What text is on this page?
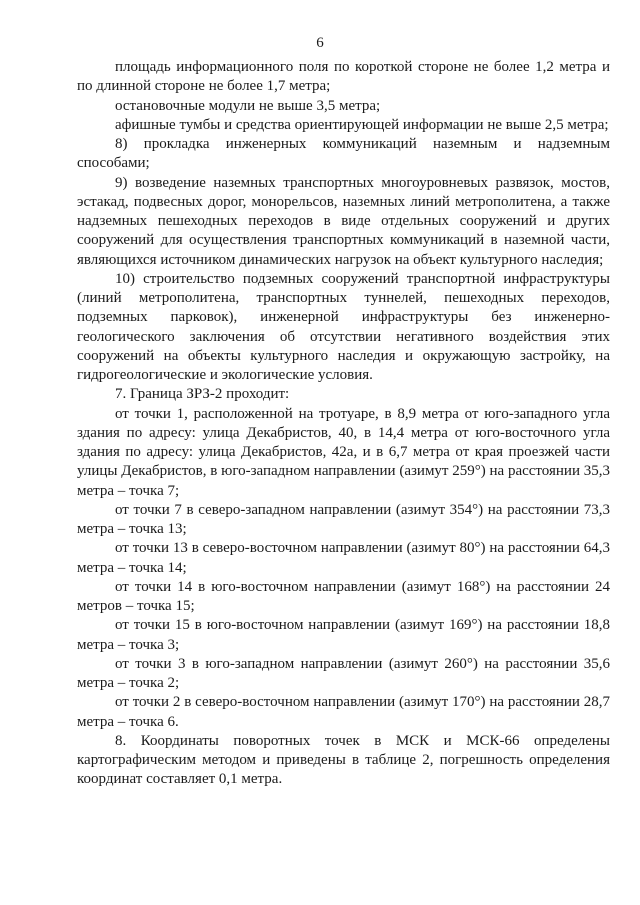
6

площадь информационного поля по короткой стороне не более 1,2 метра и по длинной стороне не более 1,7 метра;

остановочные модули не выше 3,5 метра;

афишные тумбы и средства ориентирующей информации не выше 2,5 метра;

8) прокладка инженерных коммуникаций наземным и надземным способами;

9) возведение наземных транспортных многоуровневых развязок, мостов, эстакад, подвесных дорог, монорельсов, наземных линий метрополитена, а также надземных пешеходных переходов в виде отдельных сооружений и других сооружений для осуществления транспортных коммуникаций в наземной части, являющихся источником динамических нагрузок на объект культурного наследия;

10) строительство подземных сооружений транспортной инфраструктуры (линий метрополитена, транспортных туннелей, пешеходных переходов, подземных парковок), инженерной инфраструктуры без инженерно-геологического заключения об отсутствии негативного воздействия этих сооружений на объекты культурного наследия и окружающую застройку, на гидрогеологические и экологические условия.

7. Граница ЗРЗ-2 проходит:

от точки 1, расположенной на тротуаре, в 8,9 метра от юго-западного угла здания по адресу: улица Декабристов, 40, в 14,4 метра от юго-восточного угла здания по адресу: улица Декабристов, 42а, и в 6,7 метра от края проезжей части улицы Декабристов, в юго-западном направлении (азимут 259°) на расстоянии 35,3 метра – точка 7;

от точки 7 в северо-западном направлении (азимут 354°) на расстоянии 73,3 метра – точка 13;

от точки 13 в северо-восточном направлении (азимут 80°) на расстоянии 64,3 метра – точка 14;

от точки 14 в юго-восточном направлении (азимут 168°) на расстоянии 24 метров – точка 15;

от точки 15 в юго-восточном направлении (азимут 169°) на расстоянии 18,8 метра – точка 3;

от точки 3 в юго-западном направлении (азимут 260°) на расстоянии 35,6 метра – точка 2;

от точки 2 в северо-восточном направлении (азимут 170°) на расстоянии 28,7 метра – точка 6.

8. Координаты поворотных точек в МСК и МСК-66 определены картографическим методом и приведены в таблице 2, погрешность определения координат составляет 0,1 метра.
